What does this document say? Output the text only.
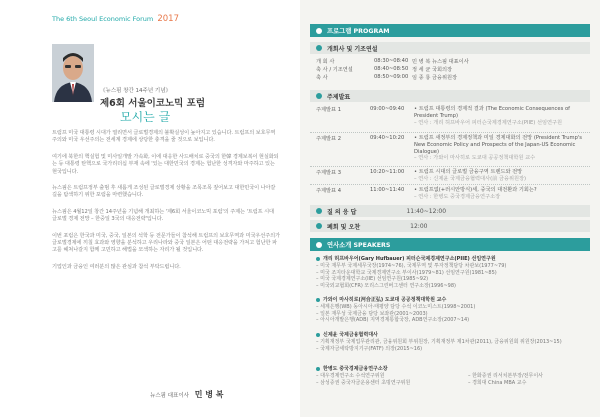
The 6th Seoul Economic Forum 2017
《뉴스핌 창간 14주년 기념》
제6회 서울이코노믹 포럼
모시는 글

트럼프 미국 대통령 시대가 열리면서 글로벌경제의 불확실성이 높아지고 있습니다. 트럼프의 보호무역주의와 미국 우선주의는 전세계 경제에 상당한 충격을 줄 것으로 보입니다.

여기에 북한의 핵실험 및 미사일개발 가속화, 이에 대응한 사드배치로 중국의 한韓 경제보복이 현실화되는 등 대통령 탄핵으로 국가리더십 부재 속에 '있는 대한민국의 경제는 험난한 성격자와 마주하고 있는 현국입니다.

뉴스핌은 트럼프정부 출범 후 새롭게 조성된 글로벌경제 상황을 조목조목 짚어보고 대한민국이 나아갈 길을 탐색하기 위한 포럼을 마련했습니다.

뉴스핌은 4월12일 창간 14주년을 기념해 개최하는 '제6회 서울이코노믹 포럼'의 주제는 '트럼프 시대 글로벌 경제 전망 – 한중일 3국의 대응전략'입니다.

이번 포럼은 한국과 미국, 중국, 일본의 석학 등 전문가들이 참석해 트럼프의 보호무역과 미국우선주의가 글로벌경제에 끼칠 효과와 영향을 분석하고 우리나라와 중국 일본은 어떤 대응전략을 가져고 험난한 파고를 헤쳐나갈지 함께 고민하고 해법을 모색하는 자리가 될 것입니다.

기업인과 금융인 여러분의 많은 관심과 참석 부탁드립니다.

뉴스핌 대표이사 민 병 복
프로그램 PROGRAM
개회사 및 기조연설
개 회 사	08:30~08:40 민 병 복 뉴스핌 대표이사
축 사 / 기조연설	08:40~08:50 정 세 균 국회의장
축 사	08:50~09:00 임 종 룡 금융위원장
주제발표
주제발표 1	09:00~09:40	• 트럼프 대통령의 경제적 결과 (The Economic Consequences of President Trump)
– 연사 : 개리 허프바우어 피터슨국제경제연구소(PIIE) 선임연구원
주제발표 2	09:40~10:20	• 트럼프 새정부의 경제정책과 미일 경제대화의 전망 (President Trump's New Economic Policy and Prospects of the Japan-US Economic Dialogue)
– 연사 : 가와이 마사히로 도쿄대 공공정책대학원 교수
주제발표 3	10:20~11:00	• 트럼프 시대의 글로벌 금융구역 트렌드와 전망
– 연사 : 신제윤 국제금융협력대사(前 금융위원장)
주제발표 4	11:00~11:40	• 트럼프없(+러시안방식)세, 중국의 대전환과 기회는?
– 연사 : 한병도 중국경제금융연구소장
질 의 응 답	11:40~12:00
폐회 및 오찬	12:00
연사소개 SPEAKERS
개리 허프바우어(Gary Hufbauer) 피터슨국제경제연구소(PIIE) 선임연구원
– 미국 재무부 국제세무국장(1974~76), 국제무역 및 투자정책담당 차관보(1977~79)
– 미국 조지타운대학교 국제경제연구소 부이사(1979~81) 선임연구원(1981~85)
– 미국 국제경제연구소(IIE) 선임연구원(1985~92)
– 미국외교협회(CFR) 모리스그린버그센터 연구소장(1996~98)
가와이 마사히로(河合正弘) 도쿄대 공공정책대학원 교수
– 세계은행(WB) 동아시아·태평양 담당 수석 이코노미스트(1998~2001)
– 일본 재무성 국제금융 담당 보좌관(2001~2003)
– 아시아개발은행(ADB) 지역경제통합국장, ADB연구소장(2007~14)
신제윤 국제금융협력대사
– 기획재정부 국제업무관리관, 금융위원회 부위원장, 기획재정부 제1차관(2011), 금융위원회 위원장(2013~15)
– 국제자금세탁방지기구(FATF) 의장(2015~16)
한병도 중국경제금융연구소장
– 대우경제연구소 수석연구위원
– 삼성증권 중국자금운용센터 초빙연구위원
– 한화증권 리서치본부장/전무이사
– 경희대 China MBA 교수
